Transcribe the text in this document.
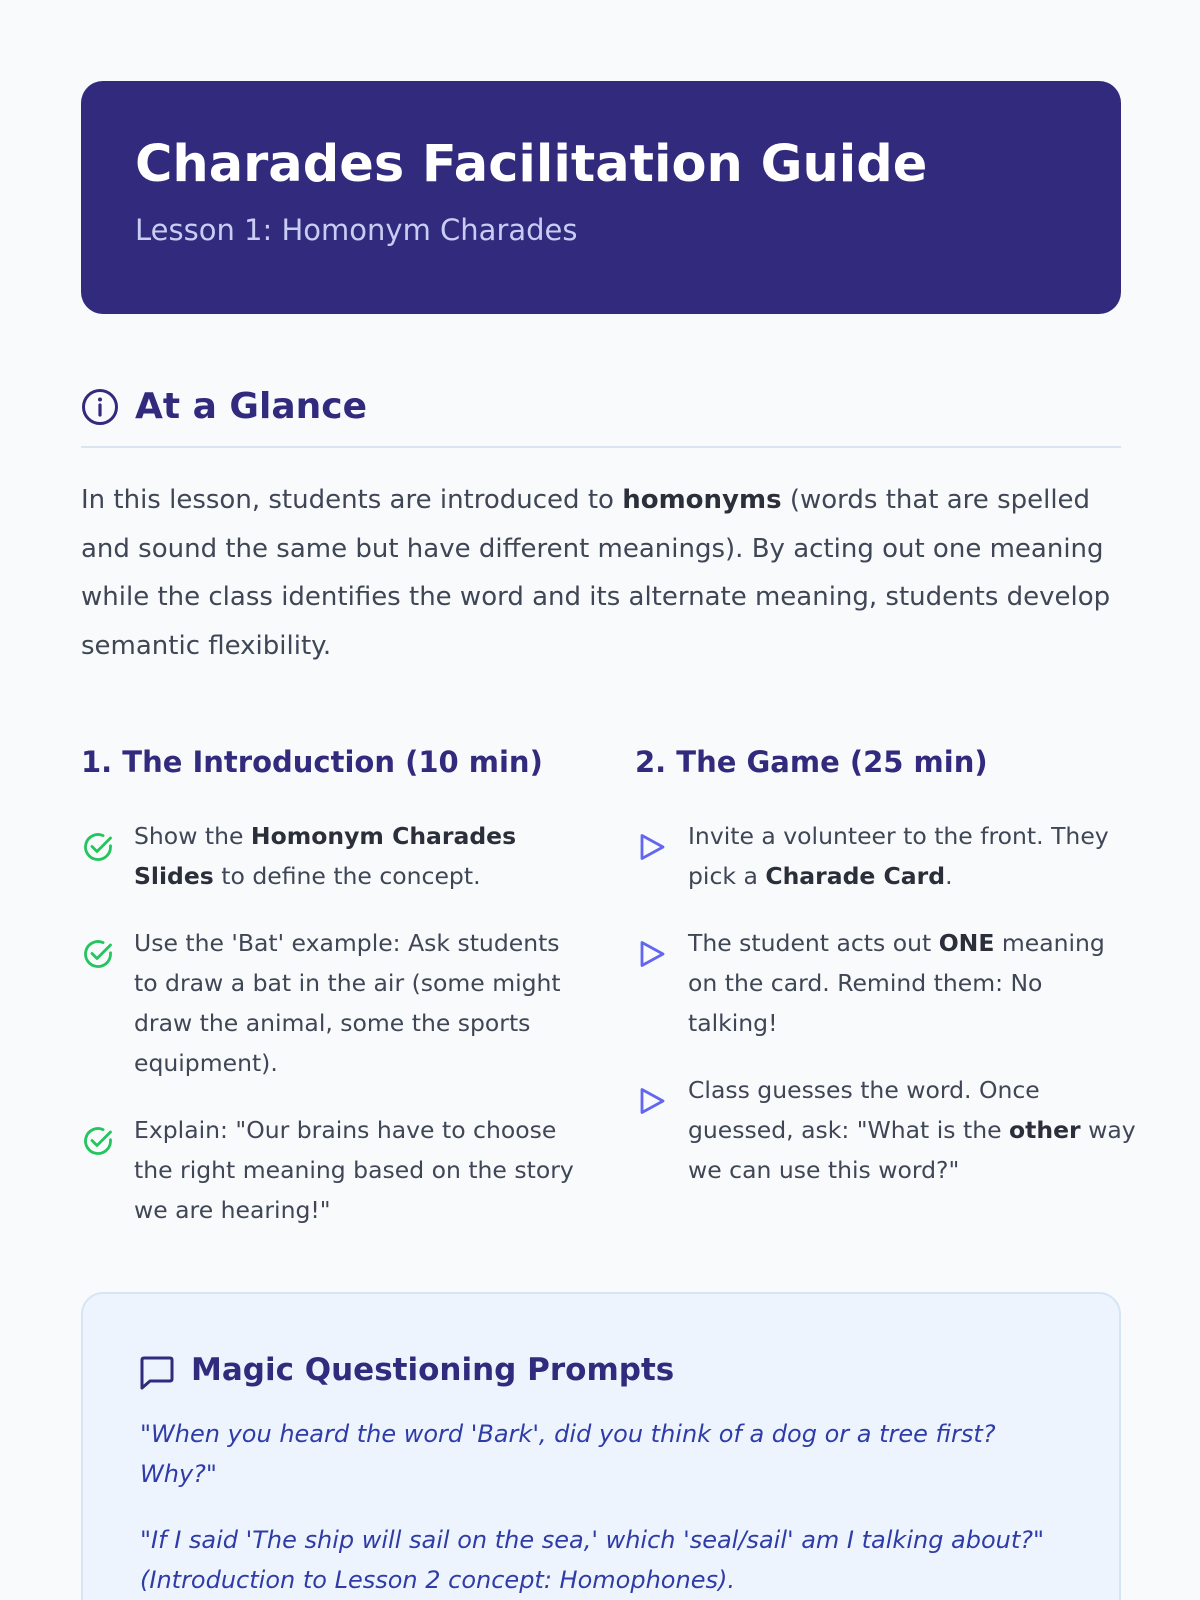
Charades Facilitation Guide
Lesson 1: Homonym Charades
At a Glance

In this lesson, students are introduced to homonyms (words that are spelled and sound the same but have different meanings). By acting out one meaning while the class identifies the word and its alternate meaning, students develop semantic flexibility.

1. The Introduction (10 min)

Show the Homonym Charades Slides to define the concept.

Use the 'Bat' example: Ask students to draw a bat in the air (some might draw the animal, some the sports equipment).

Explain: "Our brains have to choose the right meaning based on the story we are hearing!"

2. The Game (25 min)

Invite a volunteer to the front. They pick a Charade Card.

The student acts out ONE meaning on the card. Remind them: No talking!

Class guesses the word. Once guessed, ask: "What is the other way we can use this word?"

Magic Questioning Prompts

"When you heard the word 'Bark', did you think of a dog or a tree first? Why?"

"If I said 'The ship will sail on the sea,' which 'seal/sail' am I talking about?" (Introduction to Lesson 2 concept: Homophones).
